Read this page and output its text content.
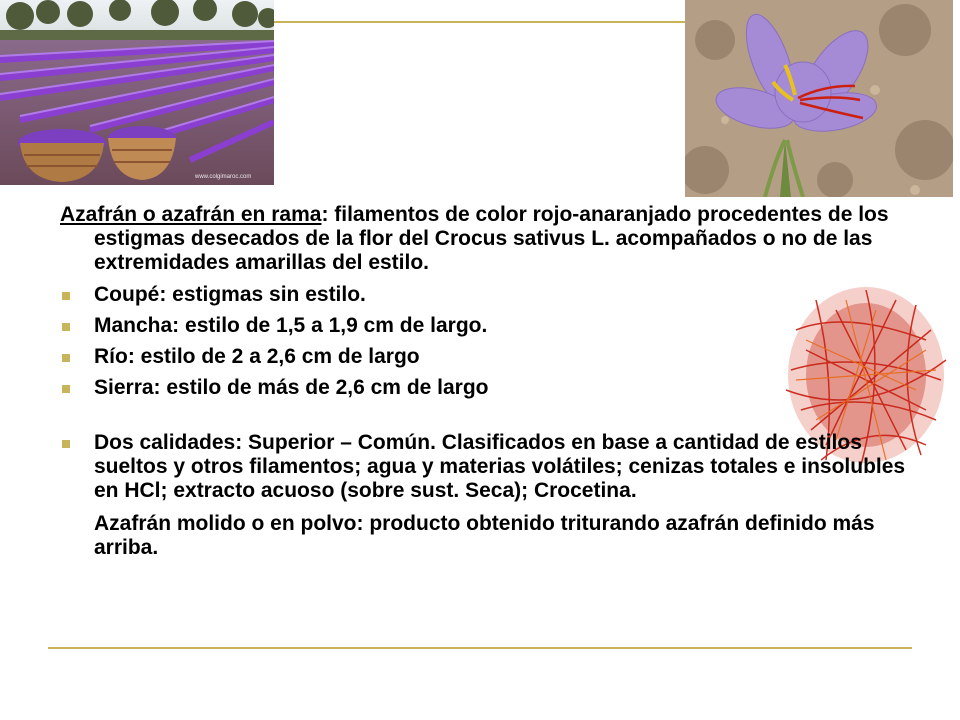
www.colgimaroc.com

Azafrán o azafrán en rama: filamentos de color rojo-anaranjado procedentes de los estigmas desecados de la flor del Crocus sativus L. acompañados o no de las extremidades amarillas del estilo.

Coupé: estigmas sin estilo.
Mancha: estilo de 1,5 a 1,9 cm de largo.
Río: estilo de 2 a 2,6 cm de largo
Sierra: estilo de más de 2,6 cm de largo
Dos calidades: Superior – Común. Clasificados en base a cantidad de estilos sueltos y otros filamentos; agua y materias volátiles; cenizas totales e insolubles en HCl; extracto acuoso (sobre sust. Seca); Crocetina.

Azafrán molido o en polvo: producto obtenido triturando azafrán definido más arriba.
